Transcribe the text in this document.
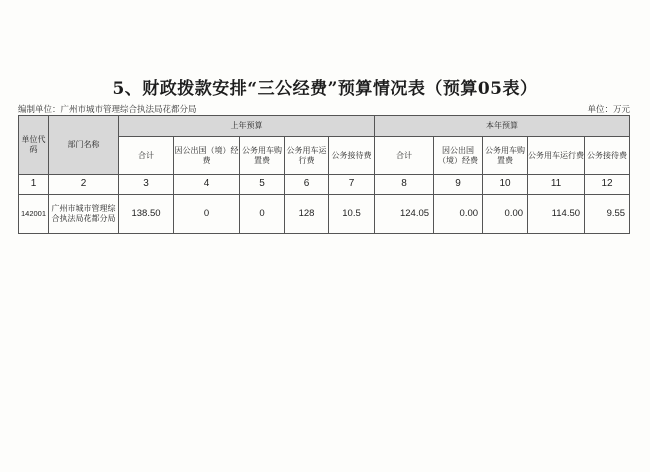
5、财政拨款安排“三公经费”预算情况表（预算05表）
编制单位：广州市城市管理综合执法局花都分局	单位：万元
单位代码	部门名称	上年预算					本年预算				
		合计	因公出国（境）经费	公务用车购置费	公务用车运行费	公务接待费	合计	因公出国（境）经费	公务用车购置费	公务用车运行费	公务接待费
1	2	3	4	5	6	7	8	9	10	11	12
142001	广州市城市管理综合执法局花都分局	138.50	0	0	128	10.5	124.05	0.00	0.00	114.50	9.55
